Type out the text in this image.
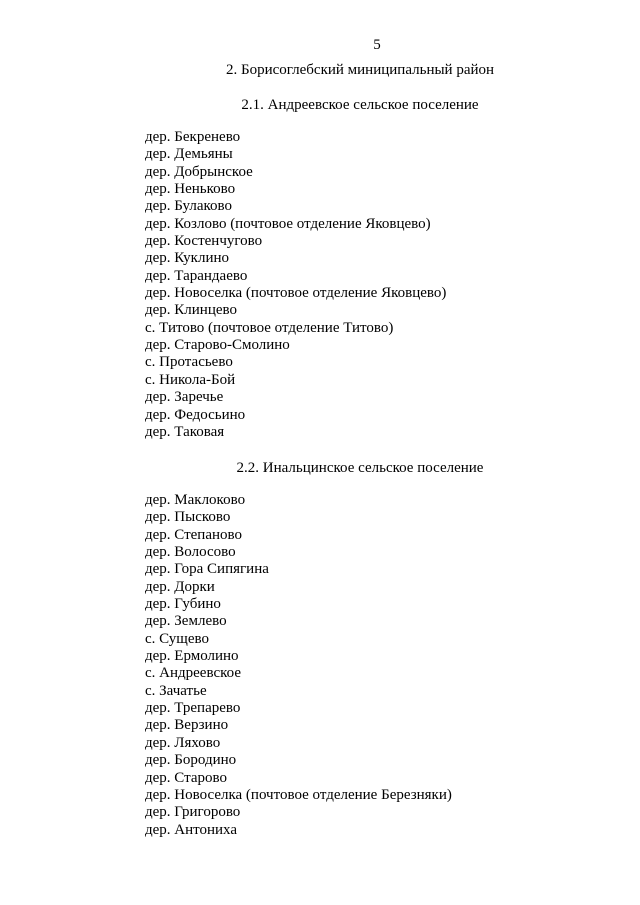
5
2. Борисоглебский миниципальный район
2.1. Андреевское сельское поселение
дер. Бекренево
дер. Демьяны
дер. Добрынское
дер. Неньково
дер. Булаково
дер. Козлово (почтовое отделение Яковцево)
дер. Костенчугово
дер. Куклино
дер. Тарандаево
дер. Новоселка (почтовое отделение Яковцево)
дер. Клинцево
с. Титово (почтовое отделение Титово)
дер. Старово-Смолино
с. Протасьево
с. Никола-Бой
дер. Заречье
дер. Федосьино
дер. Таковая
2.2. Инальцинское сельское поселение
дер. Маклоково
дер. Пысково
дер. Степаново
дер. Волосово
дер. Гора Сипягина
дер. Дорки
дер. Губино
дер. Землево
с. Сущево
дер. Ермолино
с. Андреевское
с. Зачатье
дер. Трепарево
дер. Верзино
дер. Ляхово
дер. Бородино
дер. Старово
дер. Новоселка (почтовое отделение Березняки)
дер. Григорово
дер. Антониха
